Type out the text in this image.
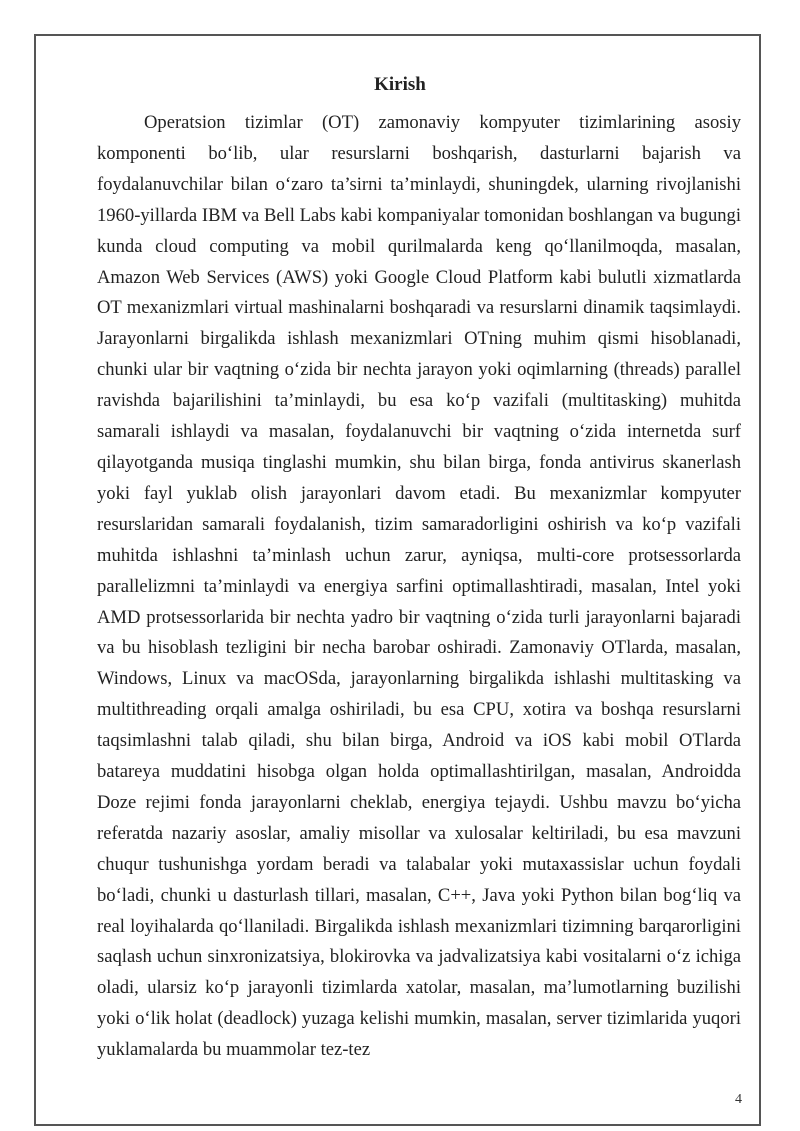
Kirish

Operatsion tizimlar (OT) zamonaviy kompyuter tizimlarining asosiy komponenti bo‘lib, ular resurslarni boshqarish, dasturlarni bajarish va foydalanuvchilar bilan o‘zaro ta’sirni ta’minlaydi, shuningdek, ularning rivojlanishi 1960-yillarda IBM va Bell Labs kabi kompaniyalar tomonidan boshlangan va bugungi kunda cloud computing va mobil qurilmalarda keng qo‘llanilmoqda, masalan, Amazon Web Services (AWS) yoki Google Cloud Platform kabi bulutli xizmatlarda OT mexanizmlari virtual mashinalarni boshqaradi va resurslarni dinamik taqsimlaydi. Jarayonlarni birgalikda ishlash mexanizmlari OTning muhim qismi hisoblanadi, chunki ular bir vaqtning o‘zida bir nechta jarayon yoki oqimlarning (threads) parallel ravishda bajarilishini ta’minlaydi, bu esa ko‘p vazifali (multitasking) muhitda samarali ishlaydi va masalan, foydalanuvchi bir vaqtning o‘zida internetda surf qilayotganda musiqa tinglashi mumkin, shu bilan birga, fonda antivirus skanerlash yoki fayl yuklab olish jarayonlari davom etadi. Bu mexanizmlar kompyuter resurslaridan samarali foydalanish, tizim samaradorligini oshirish va ko‘p vazifali muhitda ishlashni ta’minlash uchun zarur, ayniqsa, multi-core protsessorlarda parallelizmni ta’minlaydi va energiya sarfini optimallashtiradi, masalan, Intel yoki AMD protsessorlarida bir nechta yadro bir vaqtning o‘zida turli jarayonlarni bajaradi va bu hisoblash tezligini bir necha barobar oshiradi. Zamonaviy OTlarda, masalan, Windows, Linux va macOSda, jarayonlarning birgalikda ishlashi multitasking va multithreading orqali amalga oshiriladi, bu esa CPU, xotira va boshqa resurslarni taqsimlashni talab qiladi, shu bilan birga, Android va iOS kabi mobil OTlarda batareya muddatini hisobga olgan holda optimallashtirilgan, masalan, Androidda Doze rejimi fonda jarayonlarni cheklab, energiya tejaydi. Ushbu mavzu bo‘yicha referatda nazariy asoslar, amaliy misollar va xulosalar keltiriladi, bu esa mavzuni chuqur tushunishga yordam beradi va talabalar yoki mutaxassislar uchun foydali bo‘ladi, chunki u dasturlash tillari, masalan, C++, Java yoki Python bilan bog‘liq va real loyihalarda qo‘llaniladi. Birgalikda ishlash mexanizmlari tizimning barqarorligini saqlash uchun sinxronizatsiya, blokirovka va jadvalizatsiya kabi vositalarni o‘z ichiga oladi, ularsiz ko‘p jarayonli tizimlarda xatolar, masalan, ma’lumotlarning buzilishi yoki o‘lik holat (deadlock) yuzaga kelishi mumkin, masalan, server tizimlarida yuqori yuklamalarda bu muammolar tez-tez

4
